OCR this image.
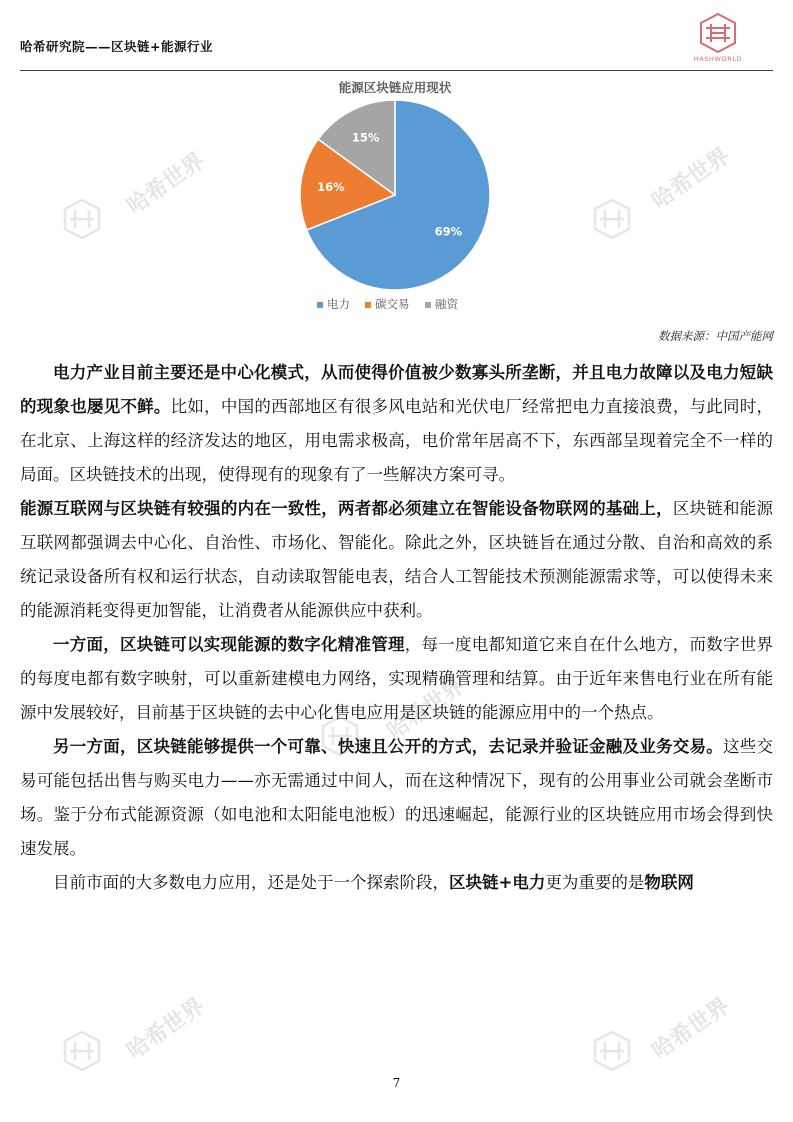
哈希研究院——区块链+能源行业
HASHWORLD
哈希世界	哈希世界
哈希世界
哈希世界	哈希世界
能源区块链应用现状
69%
16%
15%
电力 碳交易 融资
数据来源：中国产能网

电力产业目前主要还是中心化模式，从而使得价值被少数寡头所垄断，并且电力故障以及电力短缺的现象也屡见不鲜。比如，中国的西部地区有很多风电站和光伏电厂经常把电力直接浪费，与此同时，在北京、上海这样的经济发达的地区，用电需求极高，电价常年居高不下，东西部呈现着完全不一样的局面。区块链技术的出现，使得现有的现象有了一些解决方案可寻。

能源互联网与区块链有较强的内在一致性，两者都必须建立在智能设备物联网的基础上，区块链和能源互联网都强调去中心化、自治性、市场化、智能化。除此之外，区块链旨在通过分散、自治和高效的系统记录设备所有权和运行状态，自动读取智能电表，结合人工智能技术预测能源需求等，可以使得未来的能源消耗变得更加智能，让消费者从能源供应中获利。

一方面，区块链可以实现能源的数字化精准管理，每一度电都知道它来自在什么地方，而数字世界的每度电都有数字映射，可以重新建模电力网络，实现精确管理和结算。由于近年来售电行业在所有能源中发展较好，目前基于区块链的去中心化售电应用是区块链的能源应用中的一个热点。

另一方面，区块链能够提供一个可靠、快速且公开的方式，去记录并验证金融及业务交易。这些交易可能包括出售与购买电力——亦无需通过中间人，而在这种情况下，现有的公用事业公司就会垄断市场。鉴于分布式能源资源（如电池和太阳能电池板）的迅速崛起，能源行业的区块链应用市场会得到快速发展。

目前市面的大多数电力应用，还是处于一个探索阶段，区块链+电力更为重要的是物联网

7
